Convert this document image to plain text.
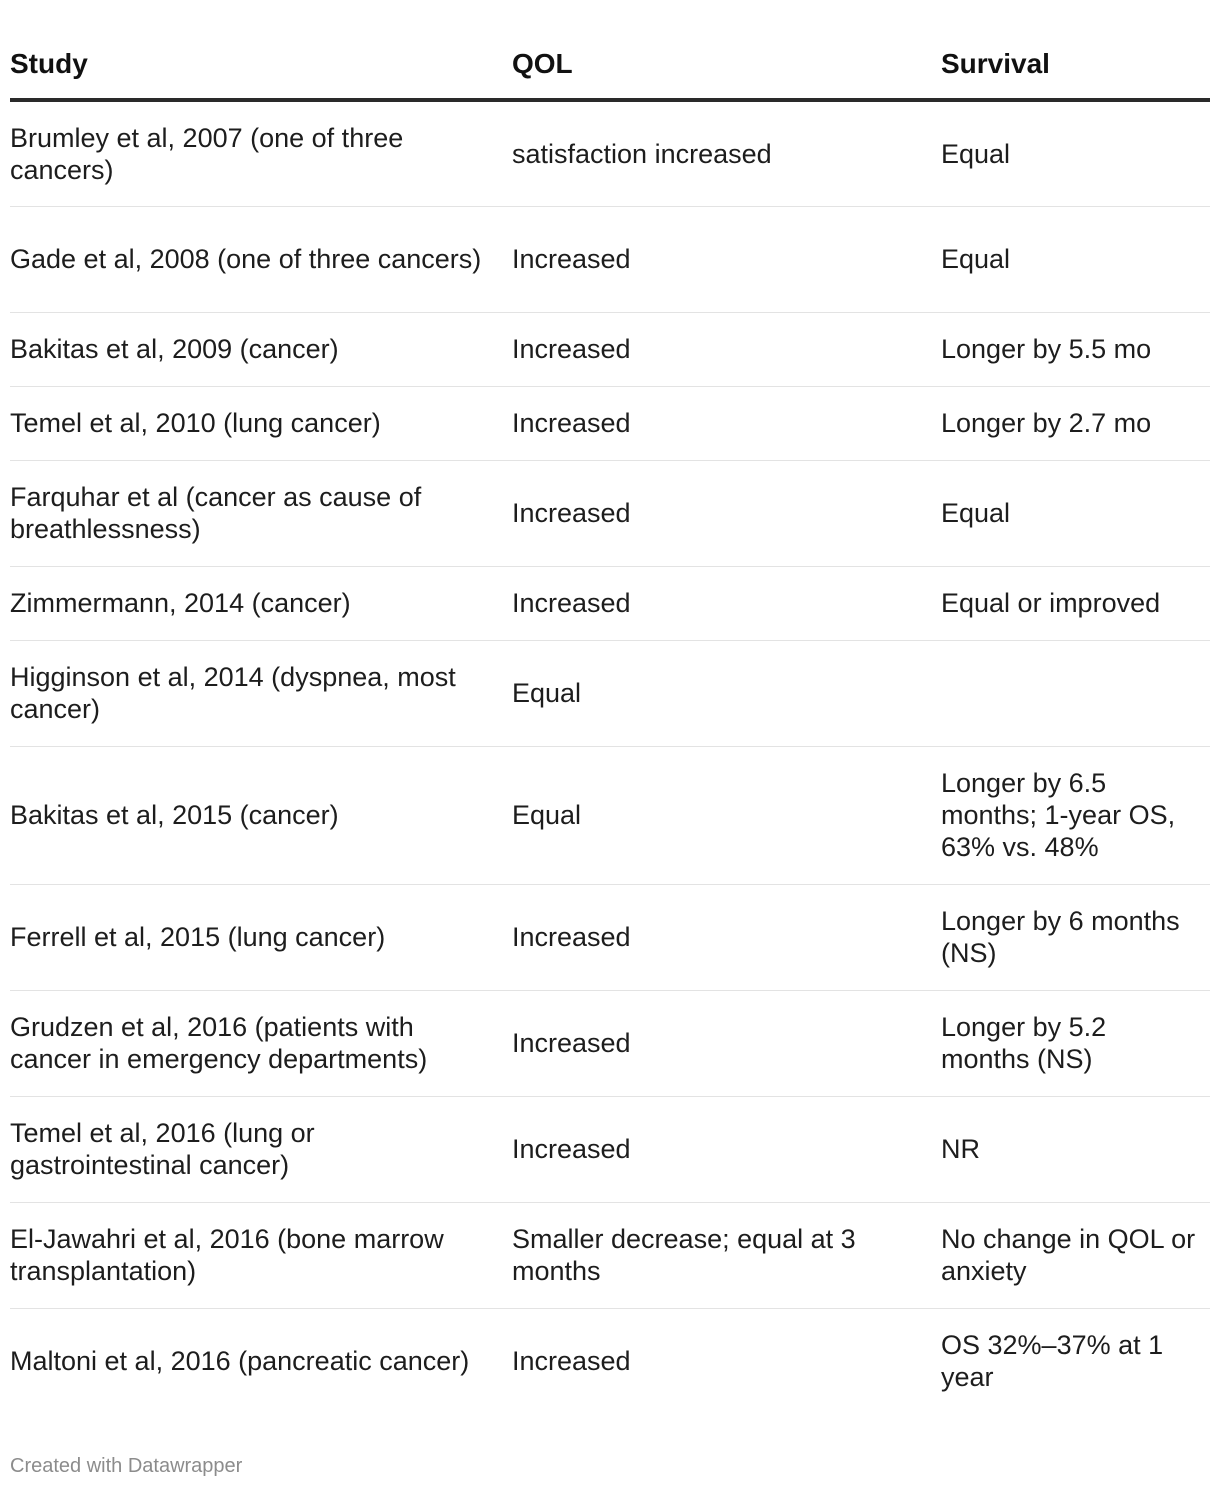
Study	QOL	Survival

Brumley et al, 2007 (one of three cancers)	satisfaction increased	Equal

Gade et al, 2008 (one of three cancers)	Increased	Equal

Bakitas et al, 2009 (cancer)	Increased	Longer by 5.5 mo

Temel et al, 2010 (lung cancer)	Increased	Longer by 2.7 mo

Farquhar et al (cancer as cause of breathlessness)	Increased	Equal

Zimmermann, 2014 (cancer)	Increased	Equal or improved

Higginson et al, 2014 (dyspnea, most cancer)	Equal	

Bakitas et al, 2015 (cancer)	Equal	Longer by 6.5 months; 1-year OS, 63% vs. 48%

Ferrell et al, 2015 (lung cancer)	Increased	Longer by 6 months (NS)

Grudzen et al, 2016 (patients with cancer in emergency departments)	Increased	Longer by 5.2 months (NS)

Temel et al, 2016 (lung or gastrointestinal cancer)	Increased	NR

El-Jawahri et al, 2016 (bone marrow transplantation)	Smaller decrease; equal at 3 months	No change in QOL or anxiety

Maltoni et al, 2016 (pancreatic cancer)	Increased	OS 32%–37% at 1 year
Created with Datawrapper
